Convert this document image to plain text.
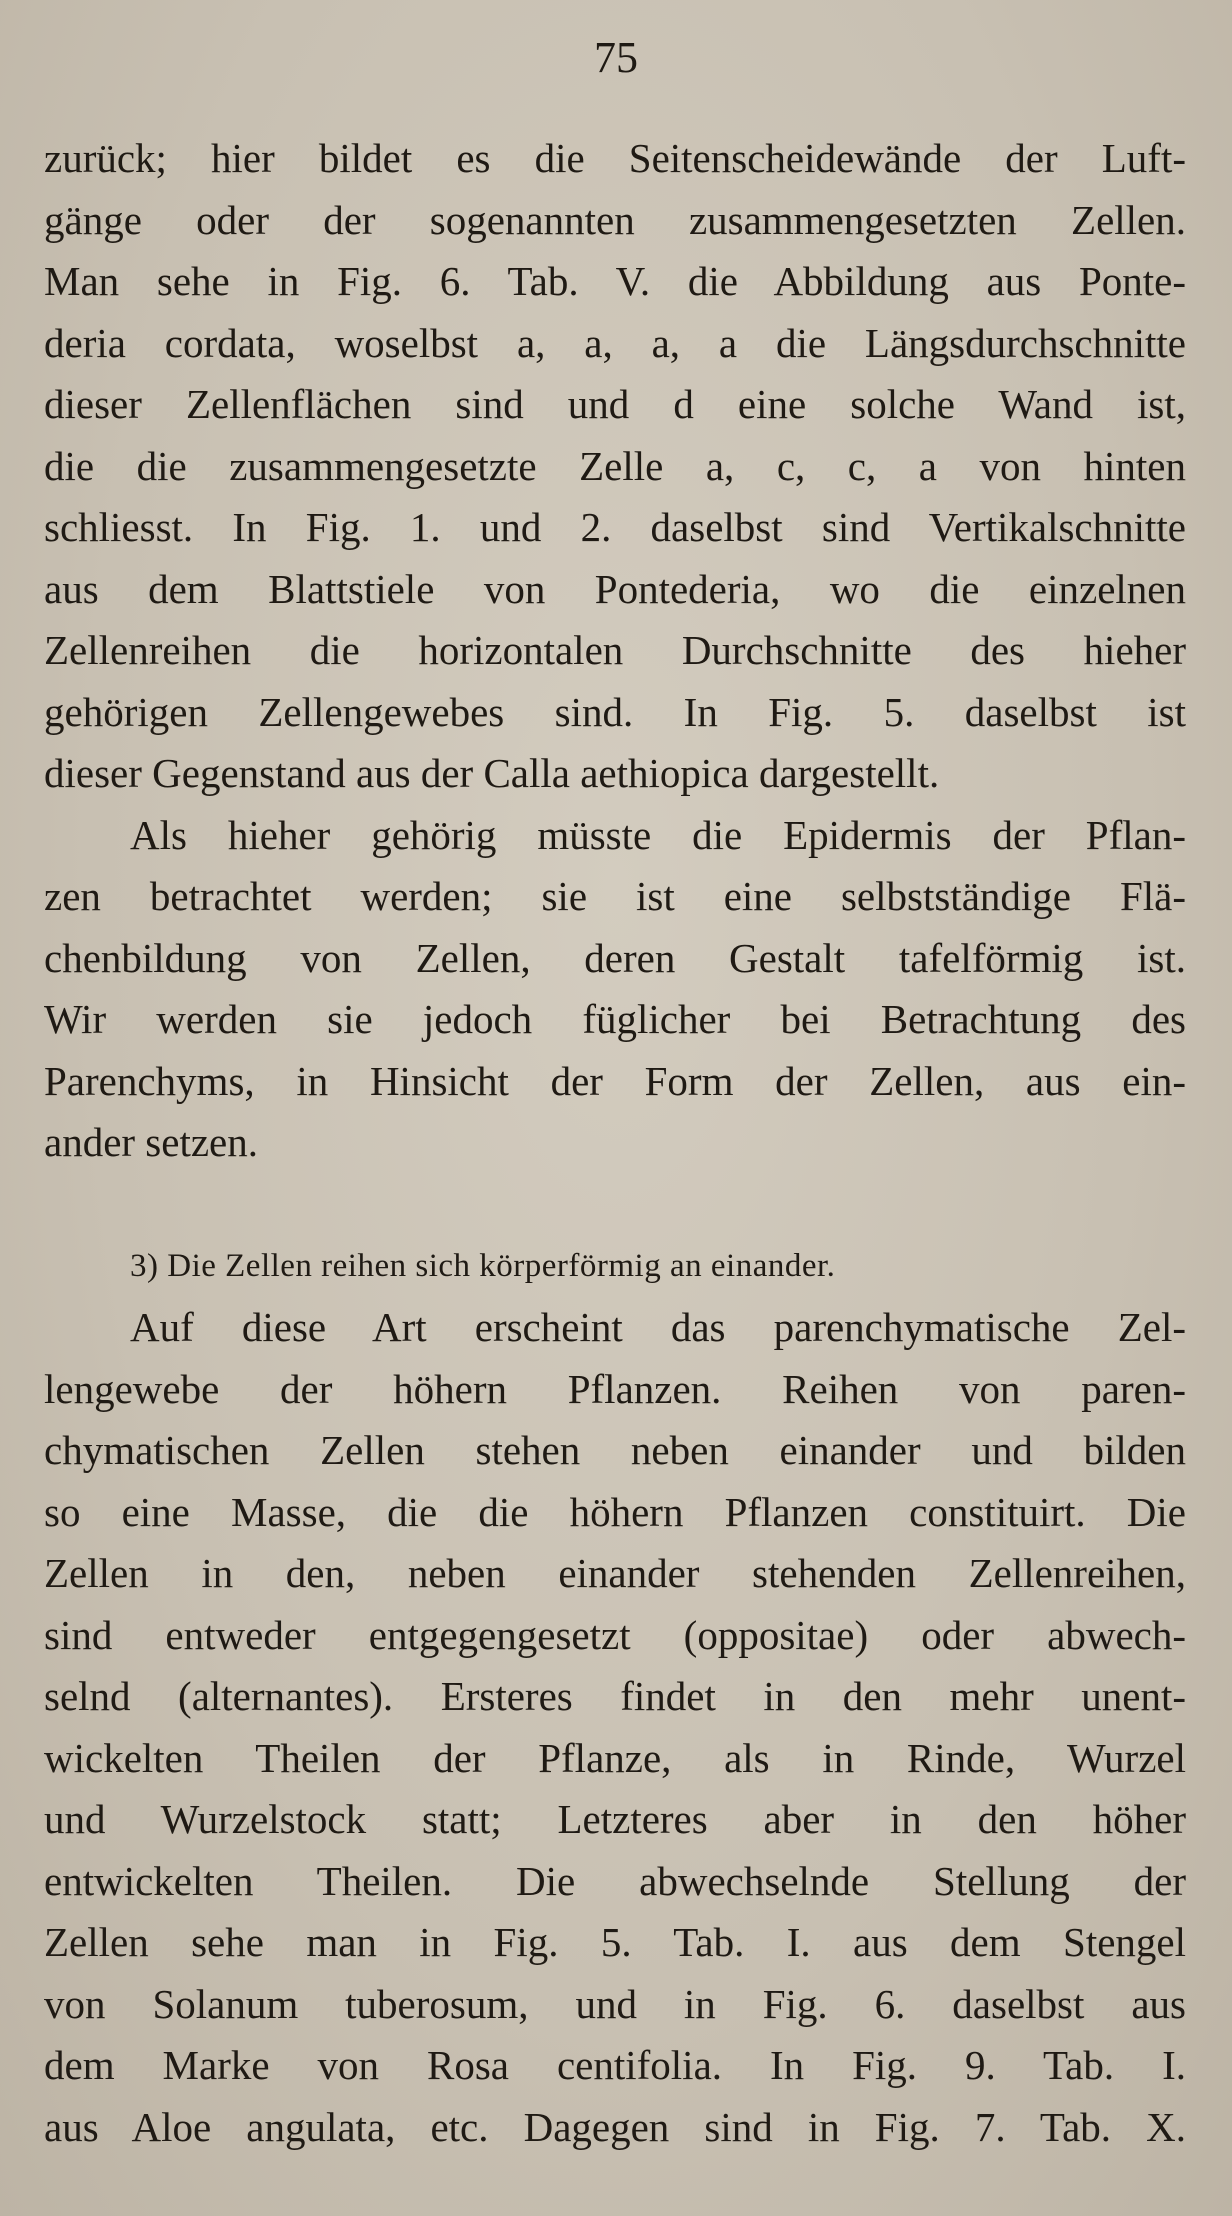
75
zurück; hier bildet es die Seitenscheidewände der Luft-
gänge oder der sogenannten zusammengesetzten Zellen.
Man sehe in Fig. 6. Tab. V. die Abbildung aus Ponte-
deria cordata, woselbst a, a, a, a die Längsdurchschnitte
dieser Zellenflächen sind und d eine solche Wand ist,
die die zusammengesetzte Zelle a, c, c, a von hinten
schliesst. In Fig. 1. und 2. daselbst sind Vertikalschnitte
aus dem Blattstiele von Pontederia, wo die einzelnen
Zellenreihen die horizontalen Durchschnitte des hieher
gehörigen Zellengewebes sind. In Fig. 5. daselbst ist
dieser Gegenstand aus der Calla aethiopica dargestellt.
Als hieher gehörig müsste die Epidermis der Pflan-
zen betrachtet werden; sie ist eine selbstständige Flä-
chenbildung von Zellen, deren Gestalt tafelförmig ist.
Wir werden sie jedoch füglicher bei Betrachtung des
Parenchyms, in Hinsicht der Form der Zellen, aus ein-
ander setzen.
3) Die Zellen reihen sich körperförmig an einander.
Auf diese Art erscheint das parenchymatische Zel-
lengewebe der höhern Pflanzen. Reihen von paren-
chymatischen Zellen stehen neben einander und bilden
so eine Masse, die die höhern Pflanzen constituirt. Die
Zellen in den, neben einander stehenden Zellenreihen,
sind entweder entgegengesetzt (oppositae) oder abwech-
selnd (alternantes). Ersteres findet in den mehr unent-
wickelten Theilen der Pflanze, als in Rinde, Wurzel
und Wurzelstock statt; Letzteres aber in den höher
entwickelten Theilen. Die abwechselnde Stellung der
Zellen sehe man in Fig. 5. Tab. I. aus dem Stengel
von Solanum tuberosum, und in Fig. 6. daselbst aus
dem Marke von Rosa centifolia. In Fig. 9. Tab. I.
aus Aloe angulata, etc. Dagegen sind in Fig. 7. Tab. X.
